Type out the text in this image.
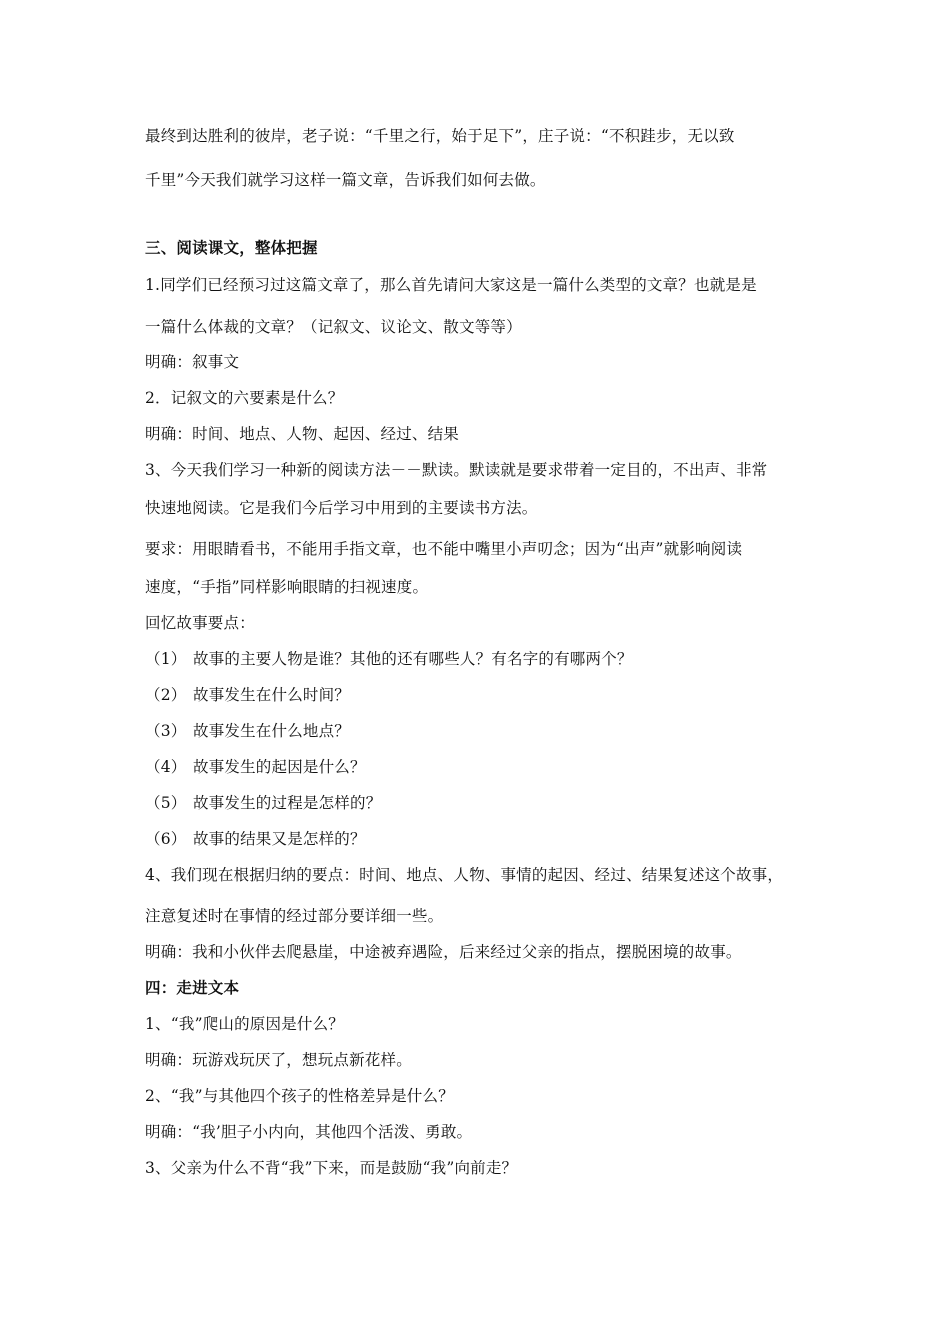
最终到达胜利的彼岸，老子说：“千里之行，始于足下”，庄子说：“不积跬步，无以致
千里”今天我们就学习这样一篇文章，告诉我们如何去做。
三、阅读课文，整体把握
1.同学们已经预习过这篇文章了，那么首先请问大家这是一篇什么类型的文章？也就是是
一篇什么体裁的文章？（记叙文、议论文、散文等等）
明确：叙事文
2．记叙文的六要素是什么？
明确：时间、地点、人物、起因、经过、结果
3、今天我们学习一种新的阅读方法－－默读。默读就是要求带着一定目的，不出声、非常
快速地阅读。它是我们今后学习中用到的主要读书方法。
要求：用眼睛看书，不能用手指文章，也不能中嘴里小声叨念；因为“出声”就影响阅读
速度，“手指”同样影响眼睛的扫视速度。
回忆故事要点：
（1） 故事的主要人物是谁？其他的还有哪些人？有名字的有哪两个？
（2） 故事发生在什么时间？
（3） 故事发生在什么地点？
（4） 故事发生的起因是什么？
（5） 故事发生的过程是怎样的？
（6） 故事的结果又是怎样的？
4、我们现在根据归纳的要点：时间、地点、人物、事情的起因、经过、结果复述这个故事，
注意复述时在事情的经过部分要详细一些。
明确：我和小伙伴去爬悬崖，中途被弃遇险，后来经过父亲的指点，摆脱困境的故事。
四：走进文本
1、“我”爬山的原因是什么？
明确：玩游戏玩厌了，想玩点新花样。
2、“我”与其他四个孩子的性格差异是什么？
明确：“我’胆子小内向，其他四个活泼、勇敢。
3、父亲为什么不背“我”下来，而是鼓励“我”向前走？
